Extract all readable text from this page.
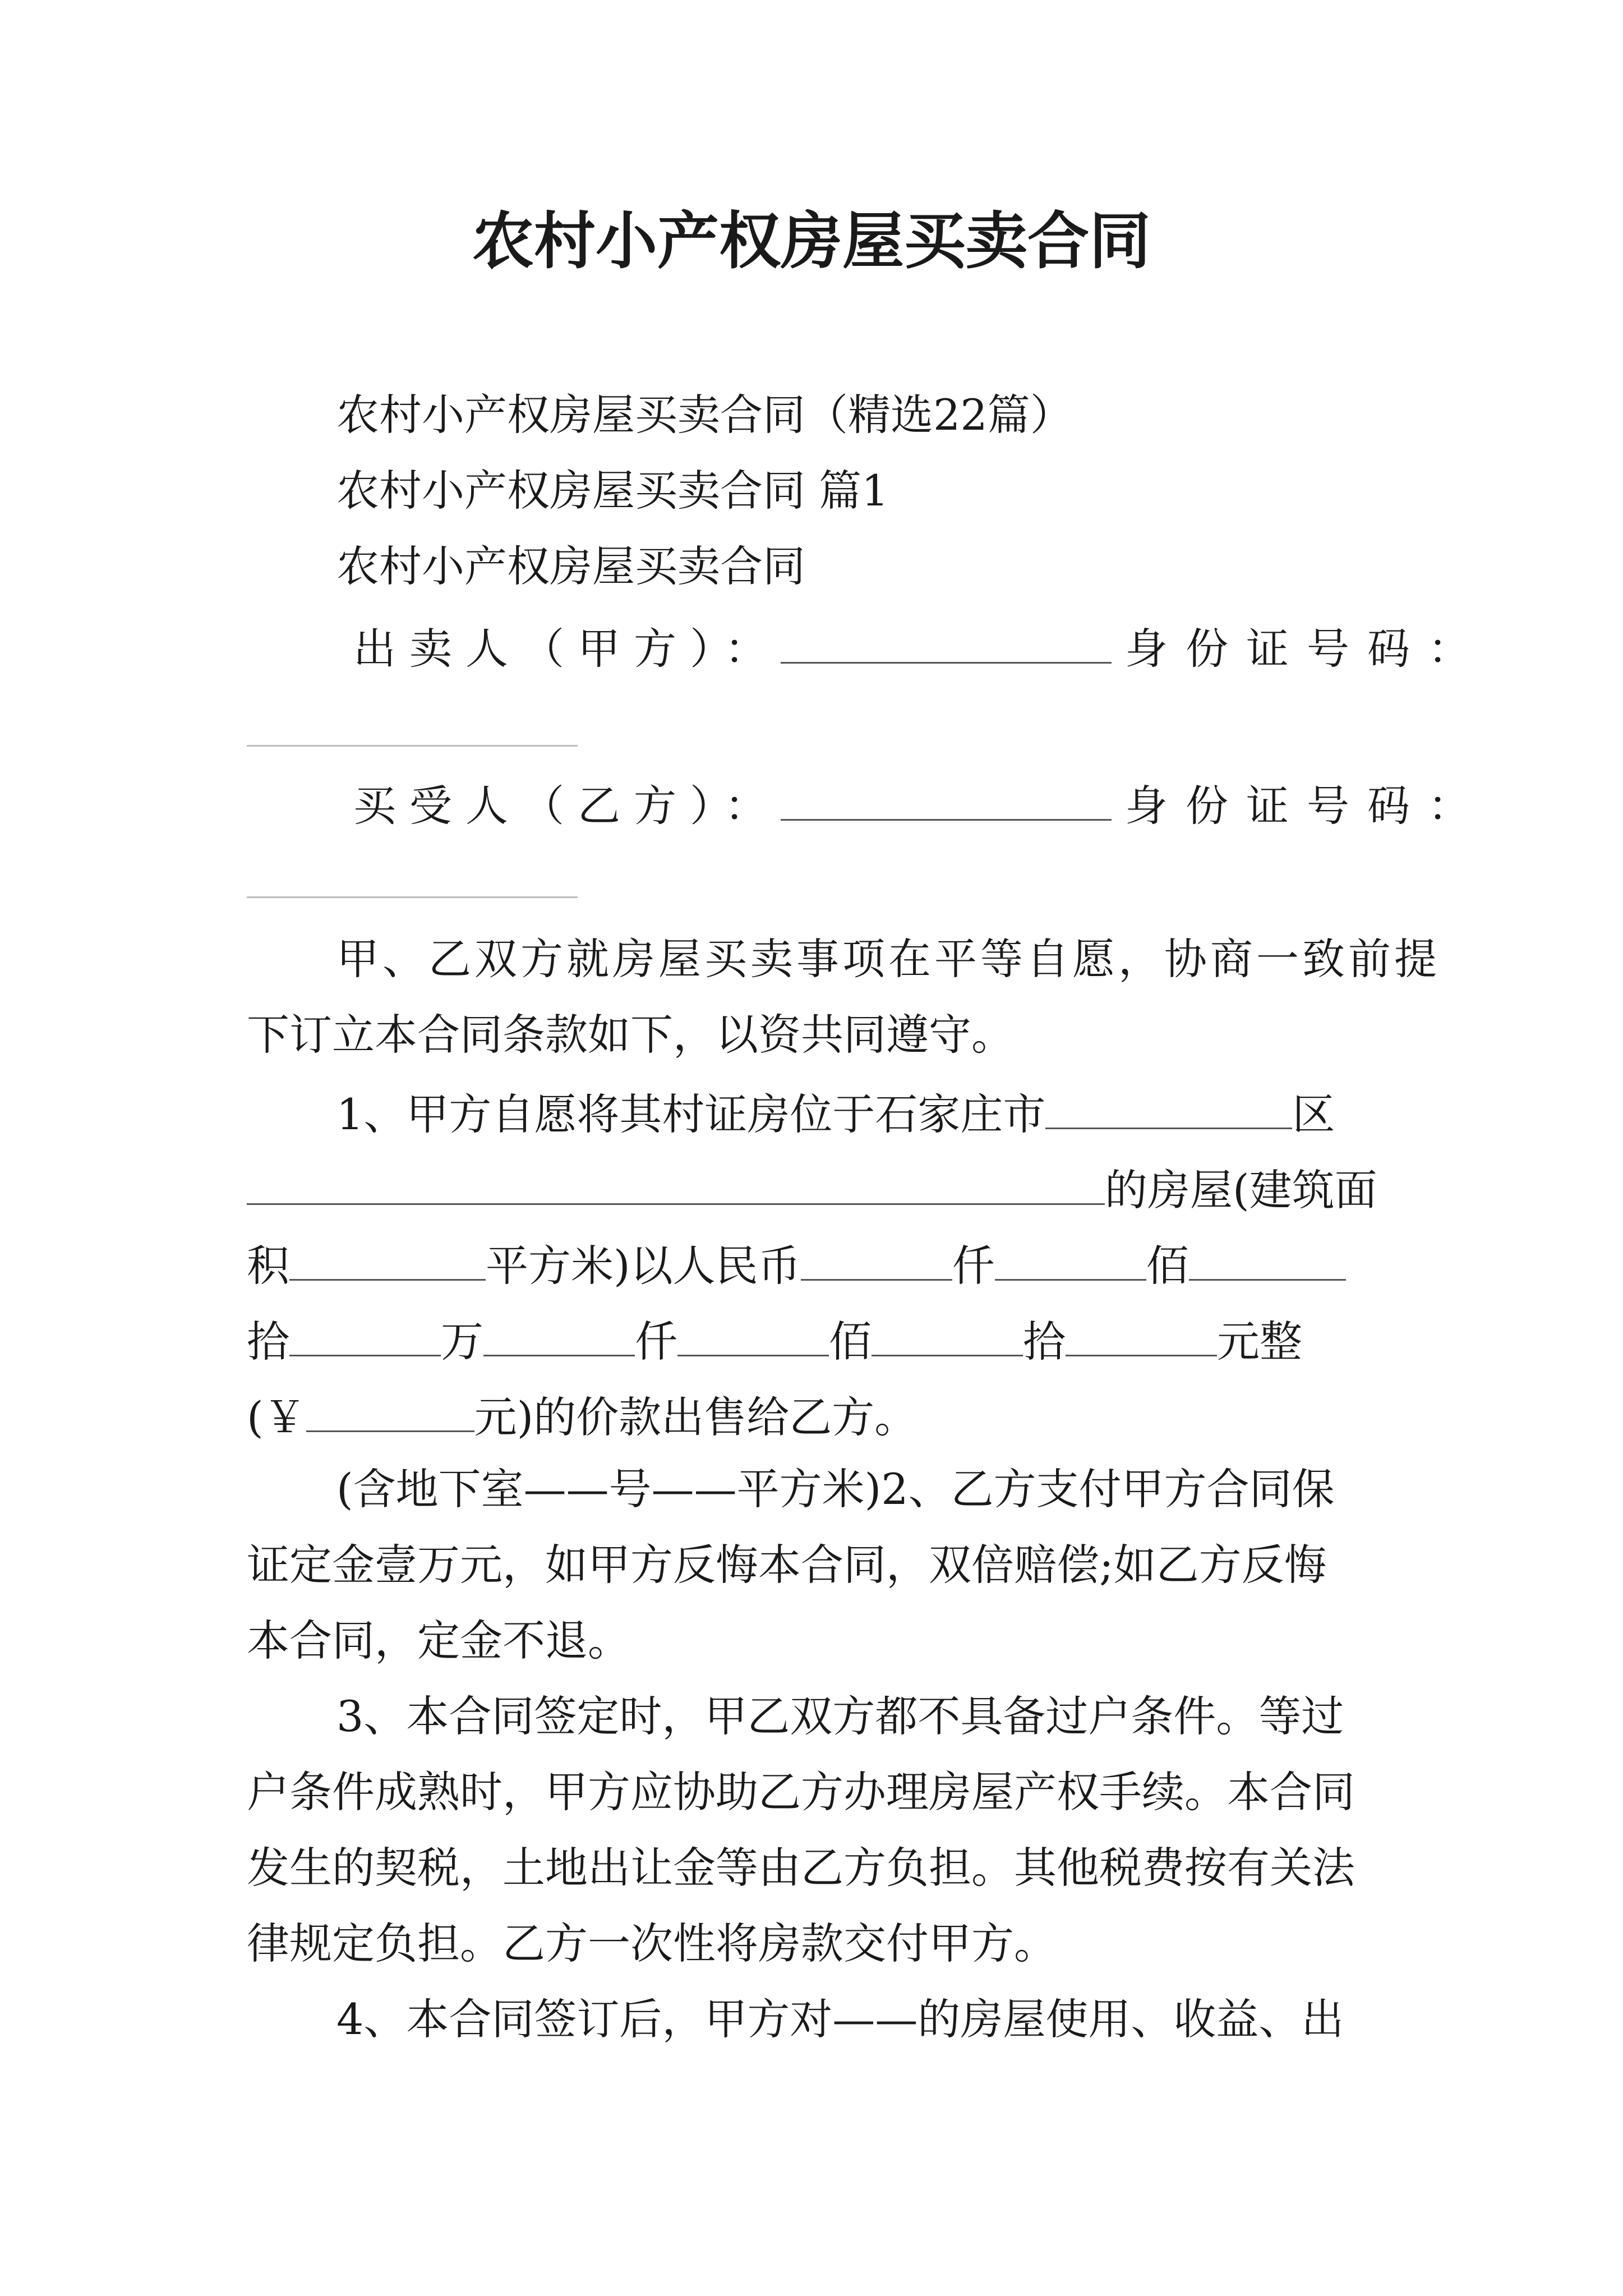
农村小产权房屋买卖合同
农村小产权房屋买卖合同（精选22篇）
农村小产权房屋买卖合同 篇1
农村小产权房屋买卖合同
出卖人（甲方）：	身份证号码：
买受人（乙方）：	身份证号码：
甲、乙双方就房屋买卖事项在平等自愿，协商一致前提
下订立本合同条款如下，以资共同遵守。
1、甲方自愿将其村证房位于石家庄市	区
的房屋(建筑面
积	平方米)以人民币	仟	佰
拾	万	仟	佰	拾	元整
(￥	元)的价款出售给乙方。
(含地下室——号——平方米)2、乙方支付甲方合同保
证定金壹万元，如甲方反悔本合同，双倍赔偿;如乙方反悔
本合同，定金不退。
3、本合同签定时，甲乙双方都不具备过户条件。等过
户条件成熟时，甲方应协助乙方办理房屋产权手续。本合同
发生的契税，土地出让金等由乙方负担。其他税费按有关法
律规定负担。乙方一次性将房款交付甲方。
4、本合同签订后，甲方对——的房屋使用、收益、出
